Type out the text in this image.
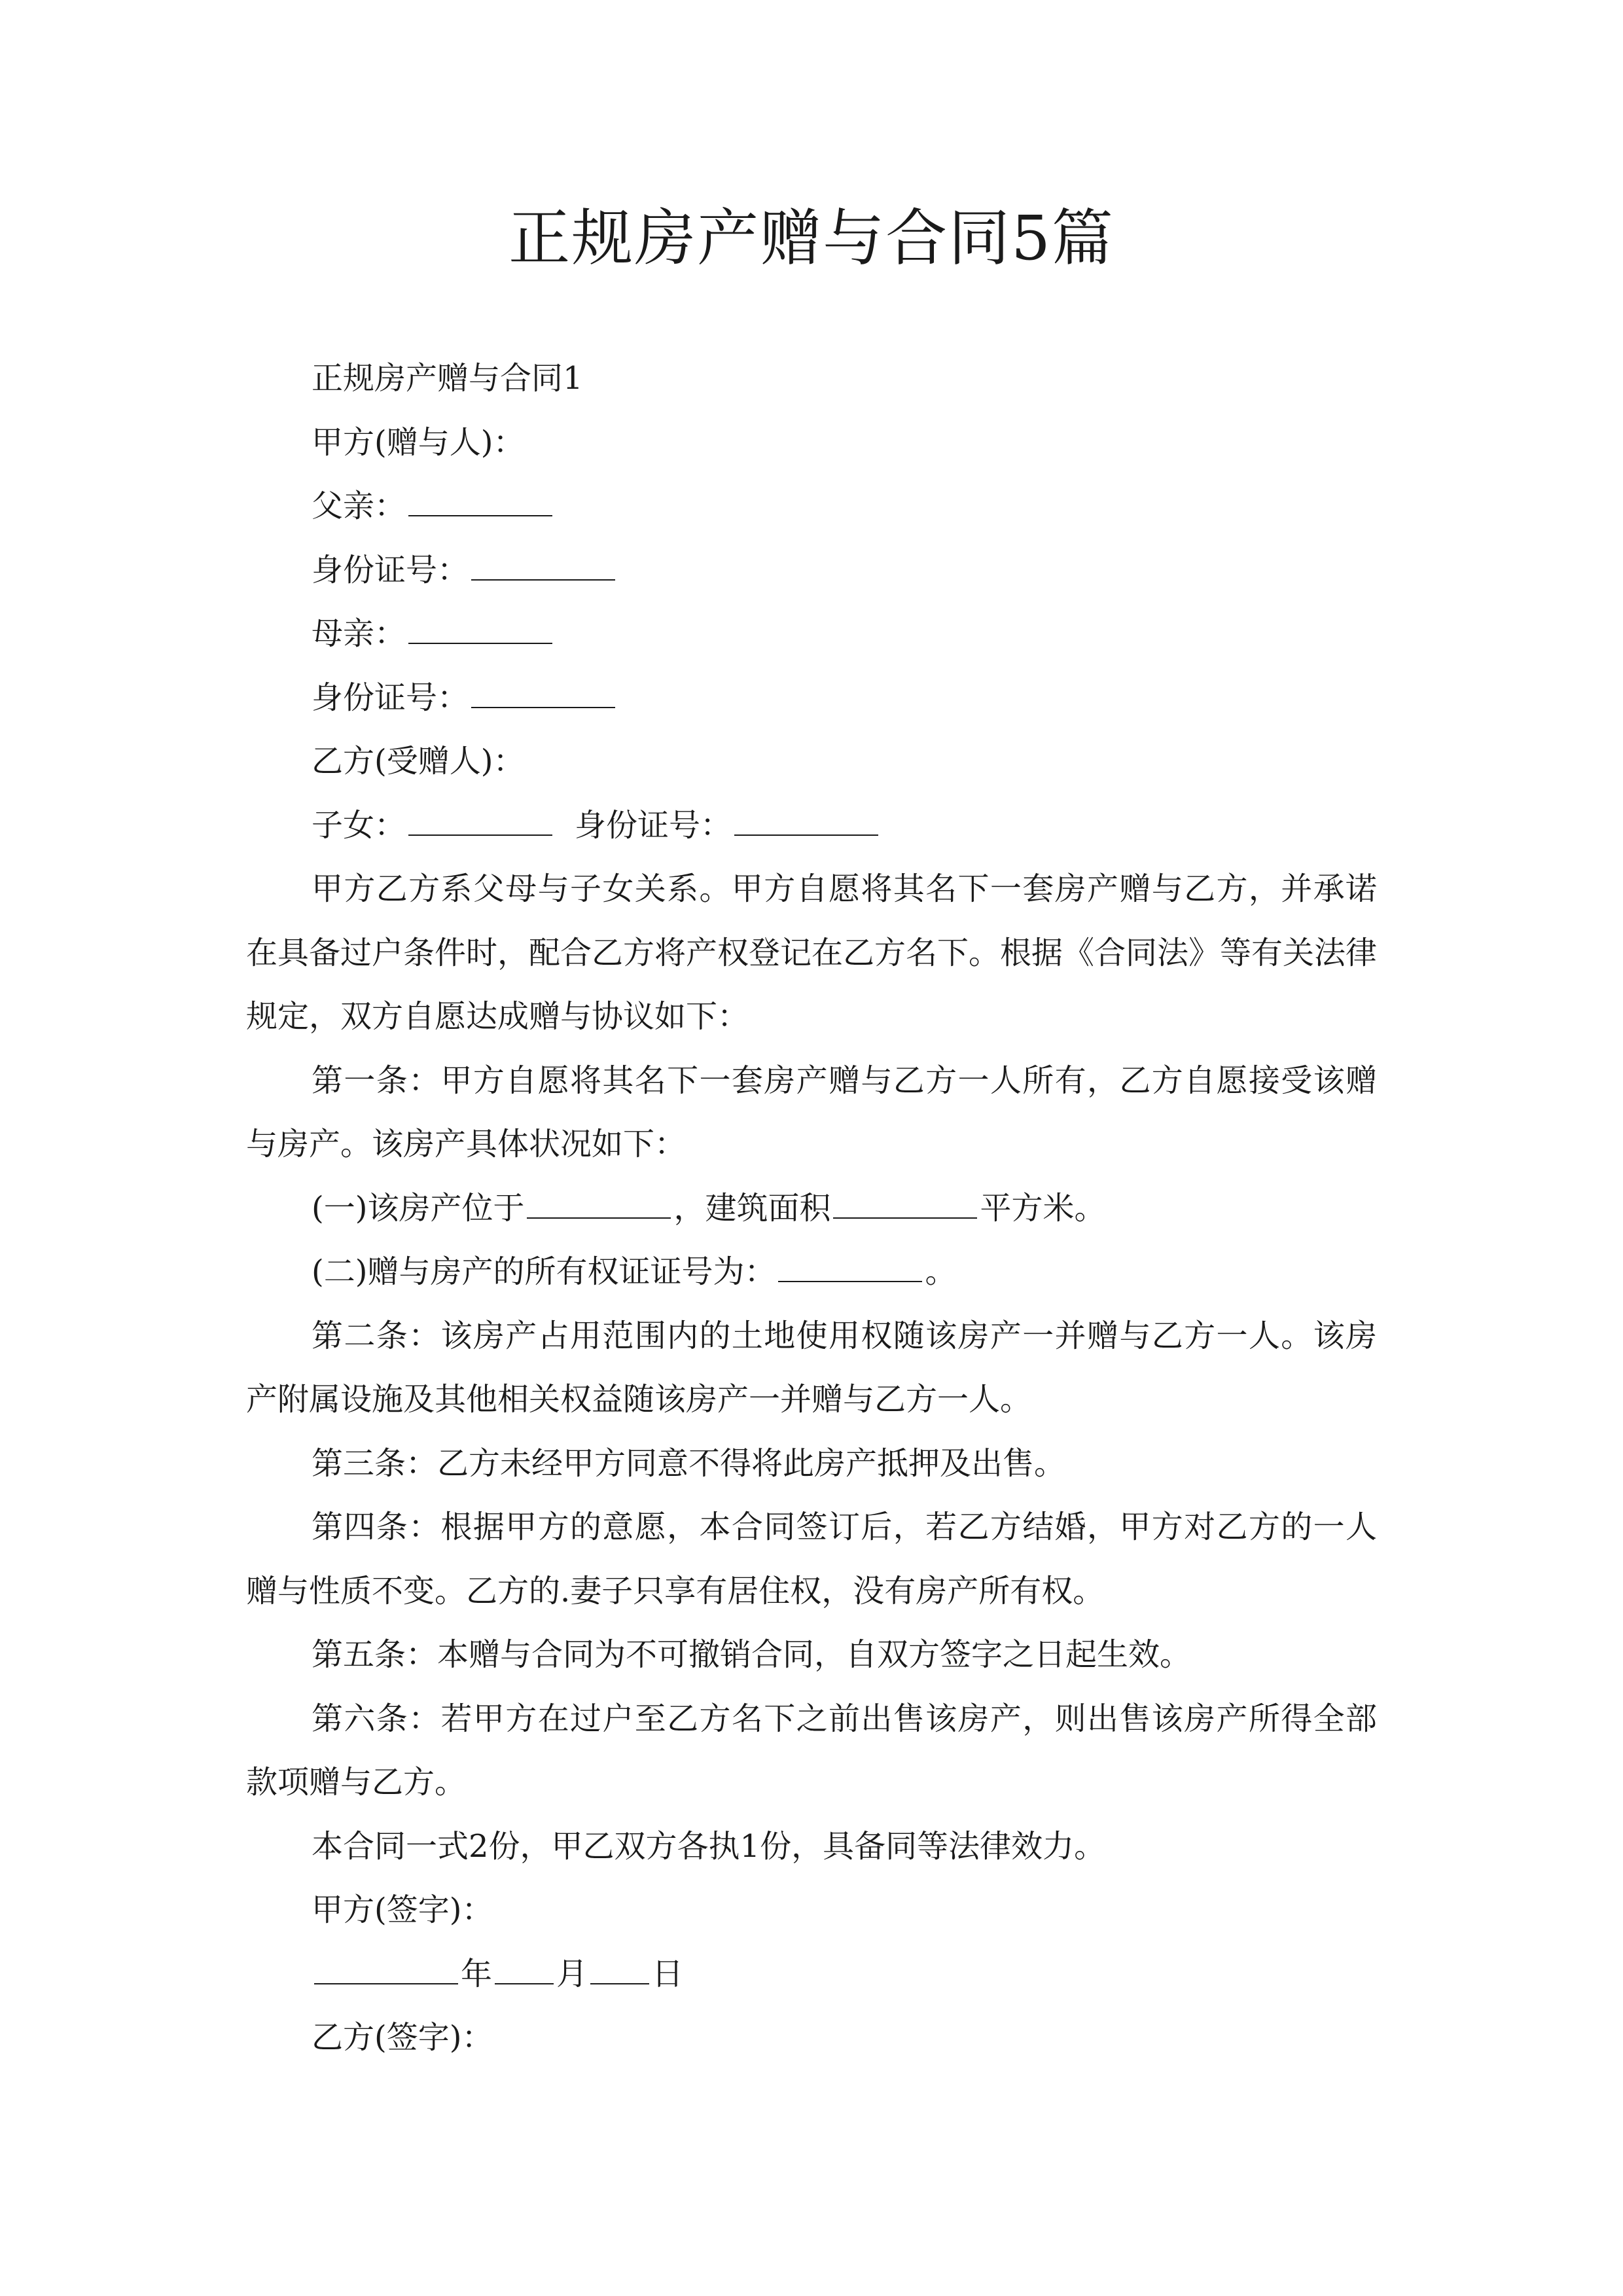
正规房产赠与合同5篇

正规房产赠与合同1

甲方(赠与人)：

父亲：

身份证号：

母亲：

身份证号：

乙方(受赠人)：

子女：	身份证号：

甲方乙方系父母与子女关系。甲方自愿将其名下一套房产赠与乙方，并承诺在具备过户条件时，配合乙方将产权登记在乙方名下。根据《合同法》等有关法律规定，双方自愿达成赠与协议如下：

第一条：甲方自愿将其名下一套房产赠与乙方一人所有，乙方自愿接受该赠与房产。该房产具体状况如下：

(一)该房产位于	，建筑面积	平方米。

(二)赠与房产的所有权证证号为：	。

第二条：该房产占用范围内的土地使用权随该房产一并赠与乙方一人。该房产附属设施及其他相关权益随该房产一并赠与乙方一人。

第三条：乙方未经甲方同意不得将此房产抵押及出售。

第四条：根据甲方的意愿，本合同签订后，若乙方结婚，甲方对乙方的一人赠与性质不变。乙方的.妻子只享有居住权，没有房产所有权。

第五条：本赠与合同为不可撤销合同，自双方签字之日起生效。

第六条：若甲方在过户至乙方名下之前出售该房产，则出售该房产所得全部款项赠与乙方。

本合同一式2份，甲乙双方各执1份，具备同等法律效力。

甲方(签字)：

年 月 日

乙方(签字)：
